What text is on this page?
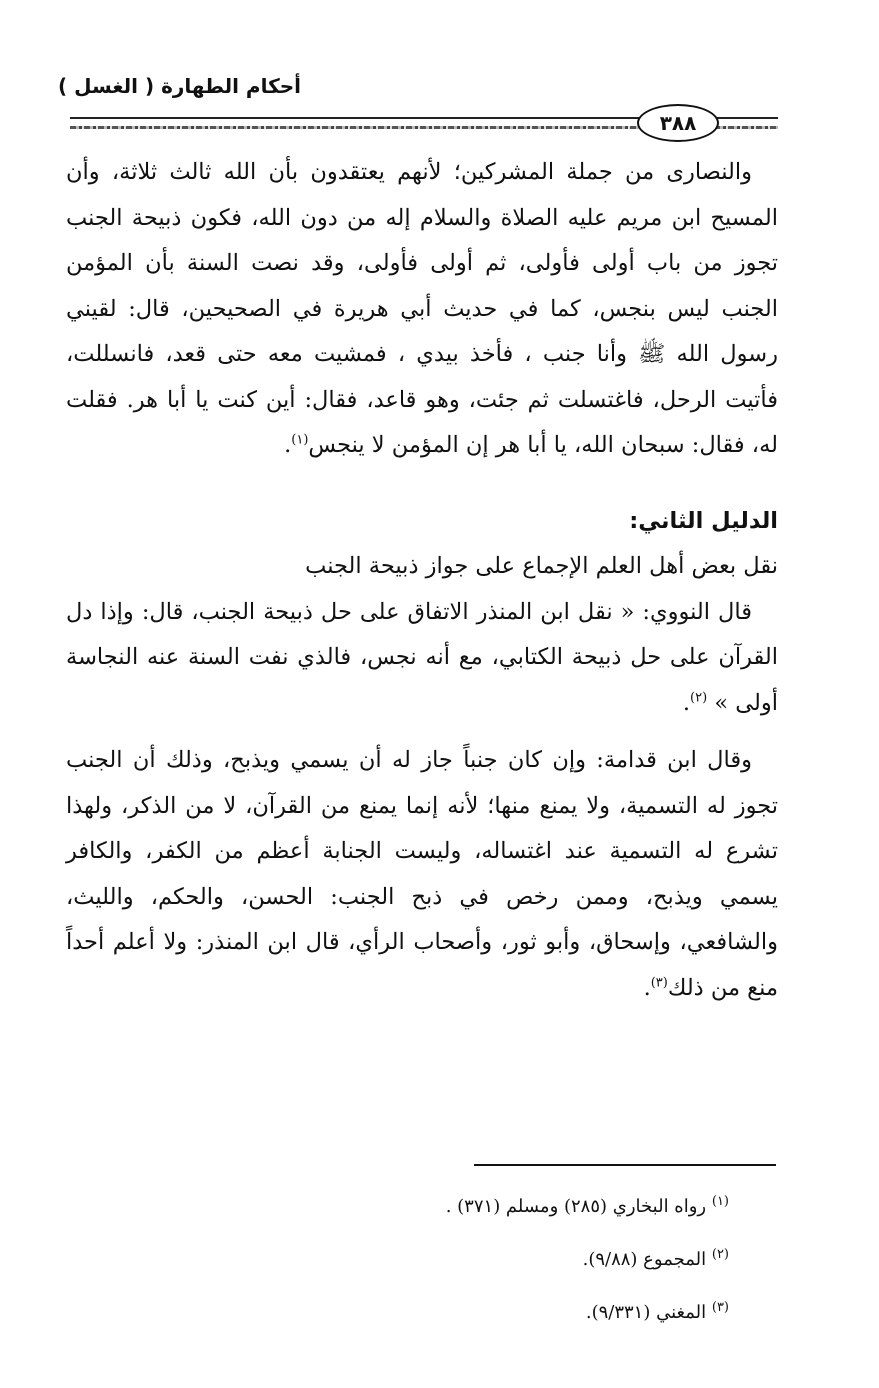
أحكام الطهارة ( الغسل )
٣٨٨

والنصارى من جملة المشركين؛ لأنهم يعتقدون بأن الله ثالث ثلاثة، وأن المسيح ابن مريم عليه الصلاة والسلام إله من دون الله، فكون ذبيحة الجنب تجوز من باب أولى فأولى، ثم أولى فأولى، وقد نصت السنة بأن المؤمن الجنب ليس بنجس، كما في حديث أبي هريرة في الصحيحين، قال: لقيني رسول الله ﷺ وأنا جنب ، فأخذ بيدي ، فمشيت معه حتى قعد، فانسللت، فأتيت الرحل، فاغتسلت ثم جئت، وهو قاعد، فقال: أين كنت يا أبا هر. فقلت له، فقال: سبحان الله، يا أبا هر إن المؤمن لا ينجس$^{(١)}$.

الدليل الثاني:

نقل بعض أهل العلم الإجماع على جواز ذبيحة الجنب

قال النووي: « نقل ابن المنذر الاتفاق على حل ذبيحة الجنب، قال: وإذا دل القرآن على حل ذبيحة الكتابي، مع أنه نجس، فالذي نفت السنة عنه النجاسة أولى » $^{(٢)}$.

وقال ابن قدامة: وإن كان جنباً جاز له أن يسمي ويذبح، وذلك أن الجنب تجوز له التسمية، ولا يمنع منها؛ لأنه إنما يمنع من القرآن، لا من الذكر، ولهذا تشرع له التسمية عند اغتساله، وليست الجنابة أعظم من الكفر، والكافر يسمي ويذبح، وممن رخص في ذبح الجنب: الحسن، والحكم، والليث، والشافعي، وإسحاق، وأبو ثور، وأصحاب الرأي، قال ابن المنذر: ولا أعلم أحداً منع من ذلك$^{(٣)}$.

$^{(١)}$ رواه البخاري (٢٨٥) ومسلم (٣٧١) .
$^{(٢)}$ المجموع (٩/٨٨).
$^{(٣)}$ المغني (٩/٣٣١).
